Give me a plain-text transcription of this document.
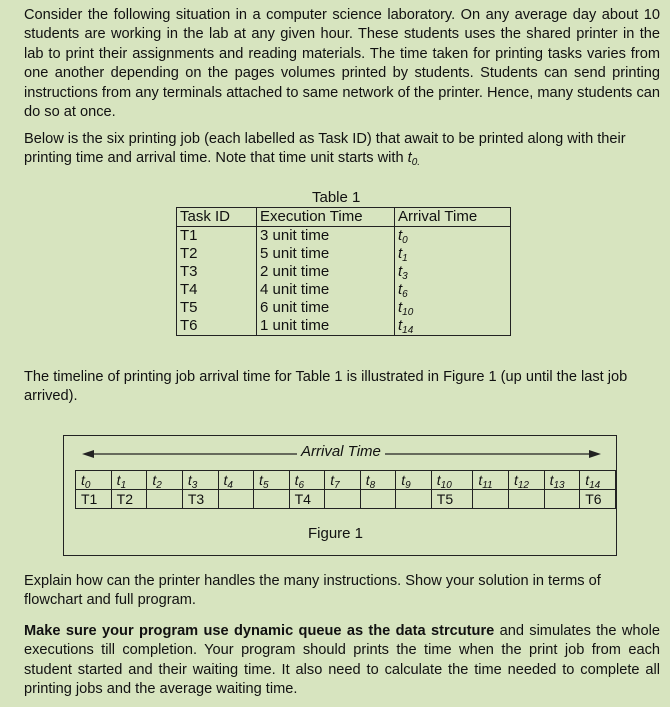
Consider the following situation in a computer science laboratory. On any average day about 10 students are working in the lab at any given hour. These students uses the shared printer in the lab to print their assignments and reading materials. The time taken for printing tasks varies from one another depending on the pages volumes printed by students. Students can send printing instructions from any terminals attached to same network of the printer. Hence, many students can do so at once.

Below is the six printing job (each labelled as Task ID) that await to be printed along with their printing time and arrival time. Note that time unit starts with $t_{0.}$

Table 1
Task ID	Execution Time	Arrival Time
T1	3 unit time	$t_0$
T2	5 unit time	$t_1$
T3	2 unit time	$t_3$
T4	4 unit time	$t_6$
T5	6 unit time	$t_{10}$
T6	1 unit time	$t_{14}$

The timeline of printing job arrival time for Table 1 is illustrated in Figure 1 (up until the last job arrived).

Arrival Time
$t_0$	$t_1$	$t_2$	$t_3$	$t_4$	$t_5$	$t_6$	$t_7$	$t_8$	$t_9$	$t_{10}$	$t_{11}$	$t_{12}$	$t_{13}$	$t_{14}$
T1	T2		T3			T4				T5				T6
Figure 1

Explain how can the printer handles the many instructions. Show your solution in terms of flowchart and full program.

Make sure your program use dynamic queue as the data strcuture and simulates the whole executions till completion. Your program should prints the time when the print job from each student started and their waiting time. It also need to calculate the time needed to complete all printing jobs and the average waiting time.
